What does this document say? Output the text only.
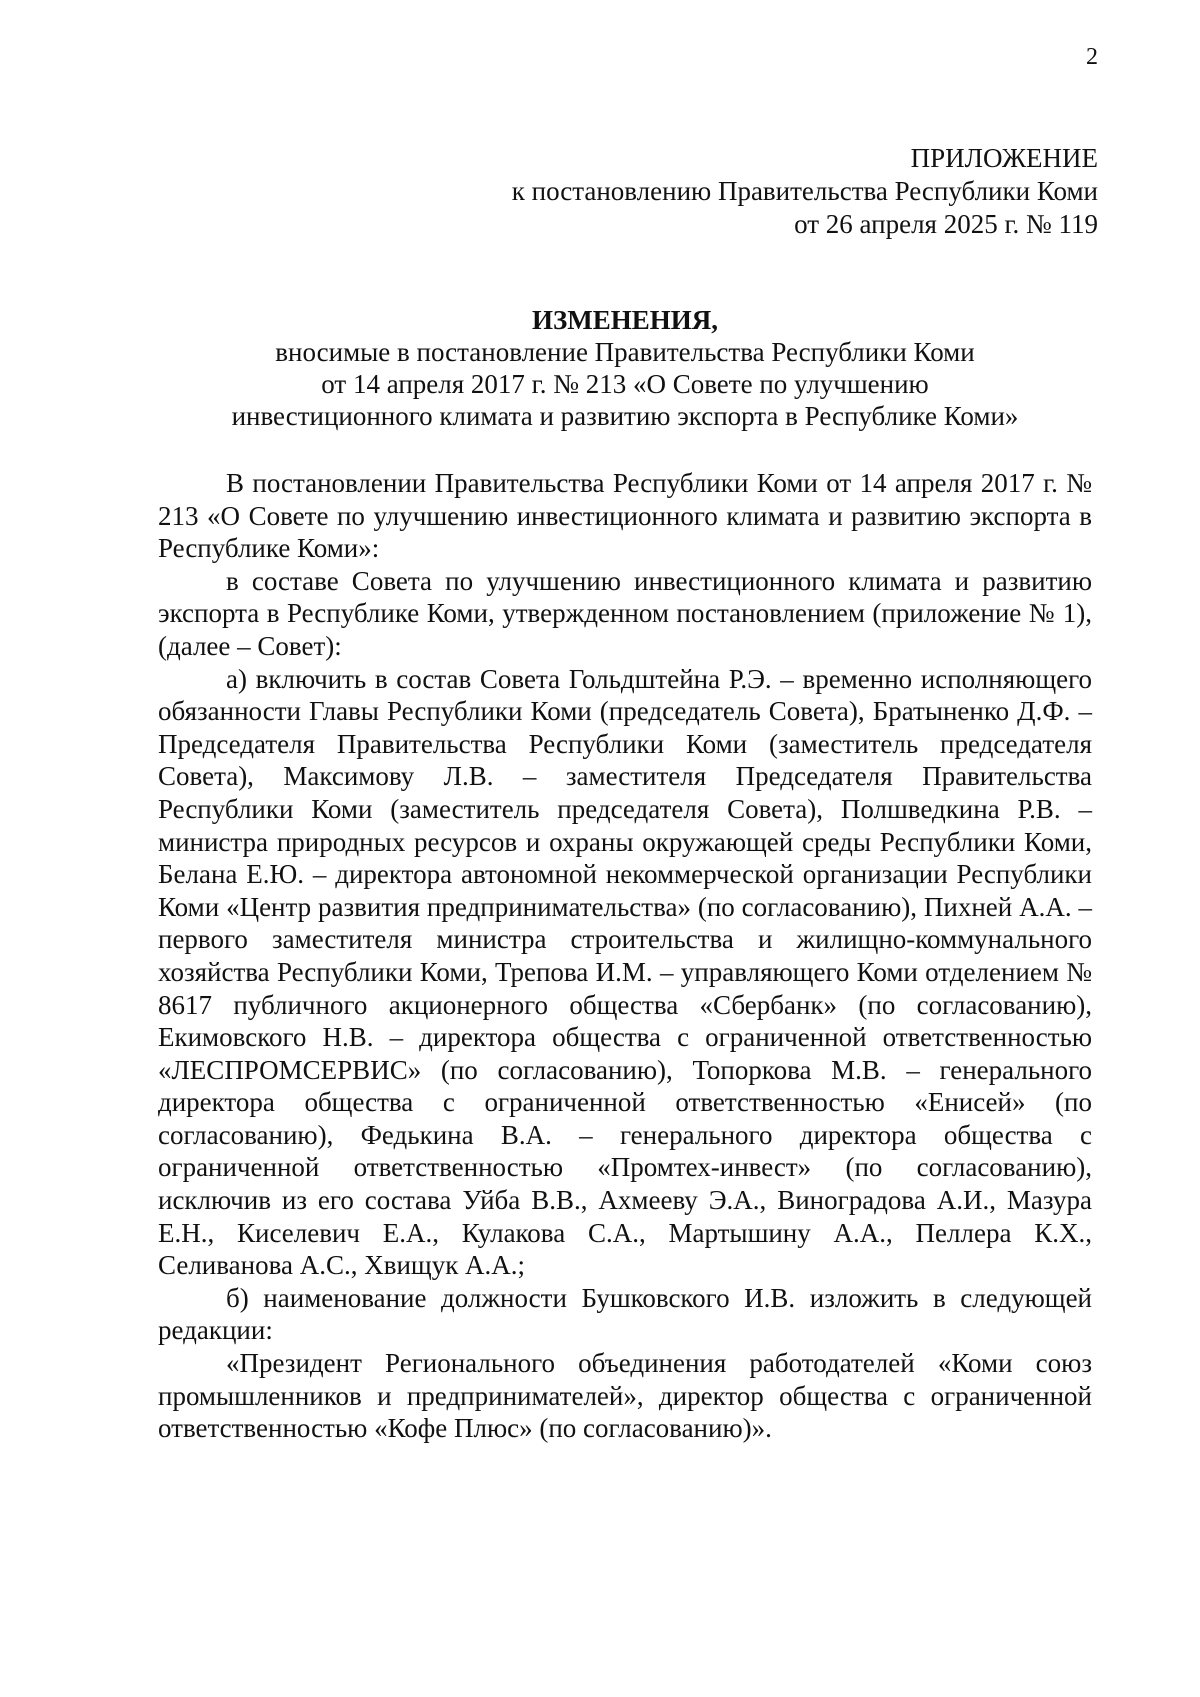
2
ПРИЛОЖЕНИЕ
к постановлению Правительства Республики Коми
от 26 апреля 2025 г. № 119
ИЗМЕНЕНИЯ,
вносимые в постановление Правительства Республики Коми
от 14 апреля 2017 г. № 213 «О Совете по улучшению
инвестиционного климата и развитию экспорта в Республике Коми»

В постановлении Правительства Республики Коми от 14 апреля 2017 г. № 213 «О Совете по улучшению инвестиционного климата и развитию экспорта в Республике Коми»:

в составе Совета по улучшению инвестиционного климата и развитию экспорта в Республике Коми, утвержденном постановлением (приложение № 1), (далее – Совет):

а) включить в состав Совета Гольдштейна Р.Э. – временно исполняющего обязанности Главы Республики Коми (председатель Совета), Братыненко Д.Ф. – Председателя Правительства Республики Коми (заместитель председателя Совета), Максимову Л.В. – заместителя Председателя Правительства Республики Коми (заместитель председателя Совета), Полшведкина Р.В. – министра природных ресурсов и охраны окружающей среды Республики Коми, Белана Е.Ю. – директора автономной некоммерческой организации Республики Коми «Центр развития предпринимательства» (по согласованию), Пихней А.А. – первого заместителя министра строительства и жилищно-коммунального хозяйства Республики Коми, Трепова И.М. – управляющего Коми отделением № 8617 публичного акционерного общества «Сбербанк» (по согласованию), Екимовского Н.В. – директора общества с ограниченной ответственностью «ЛЕСПРОМСЕРВИС» (по согласованию), Топоркова М.В. – генерального директора общества с ограниченной ответственностью «Енисей» (по согласованию), Федькина В.А. – генерального директора общества с ограниченной ответственностью «Промтех-инвест» (по согласованию), исключив из его состава Уйба В.В., Ахмееву Э.А., Виноградова А.И., Мазура Е.Н., Киселевич Е.А., Кулакова С.А., Мартышину А.А., Пеллера К.Х., Селиванова А.С., Хвищук А.А.;

б) наименование должности Бушковского И.В. изложить в следующей редакции:

«Президент Регионального объединения работодателей «Коми союз промышленников и предпринимателей», директор общества с ограниченной ответственностью «Кофе Плюс» (по согласованию)».
